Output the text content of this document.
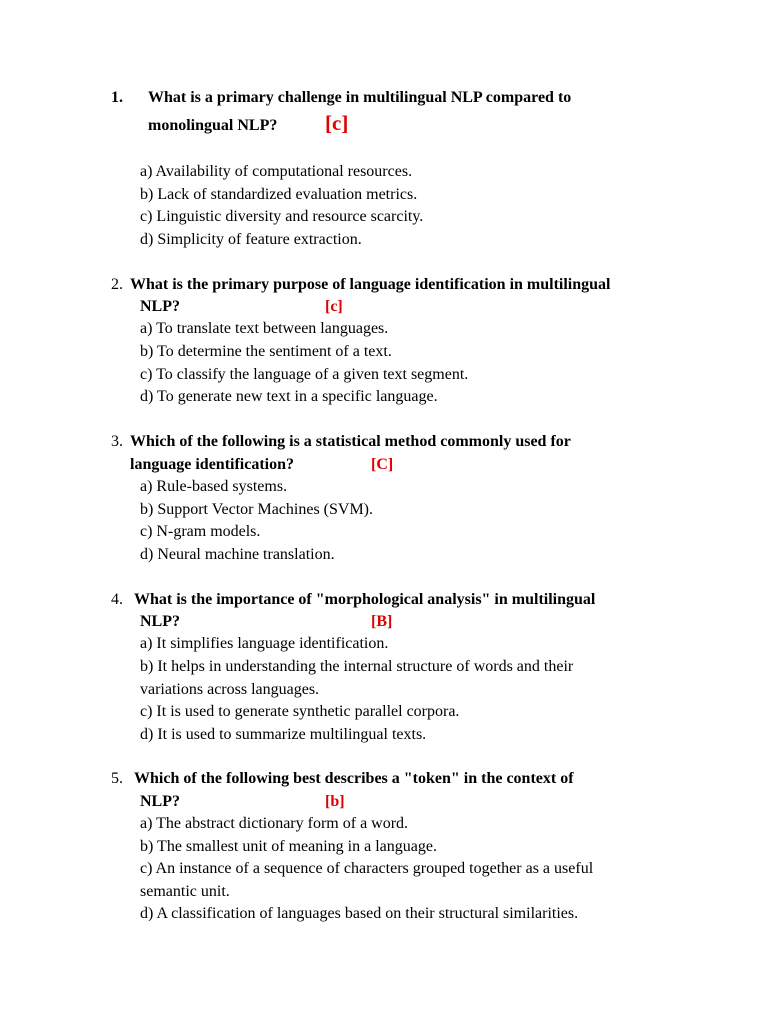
1. What is a primary challenge in multilingual NLP compared to
monolingual NLP? [c]
a) Availability of computational resources.
b) Lack of standardized evaluation metrics.
c) Linguistic diversity and resource scarcity.
d) Simplicity of feature extraction.
2. What is the primary purpose of language identification in multilingual
NLP?	[c]
a) To translate text between languages.
b) To determine the sentiment of a text.
c) To classify the language of a given text segment.
d) To generate new text in a specific language.
3. Which of the following is a statistical method commonly used for
language identification?	[C]
a) Rule-based systems.
b) Support Vector Machines (SVM).
c) N-gram models.
d) Neural machine translation.
4. What is the importance of "morphological analysis" in multilingual
NLP?	[B]
a) It simplifies language identification.
b) It helps in understanding the internal structure of words and their
variations across languages.
c) It is used to generate synthetic parallel corpora.
d) It is used to summarize multilingual texts.
5. Which of the following best describes a "token" in the context of
NLP?	[b]
a) The abstract dictionary form of a word.
b) The smallest unit of meaning in a language.
c) An instance of a sequence of characters grouped together as a useful
semantic unit.
d) A classification of languages based on their structural similarities.
